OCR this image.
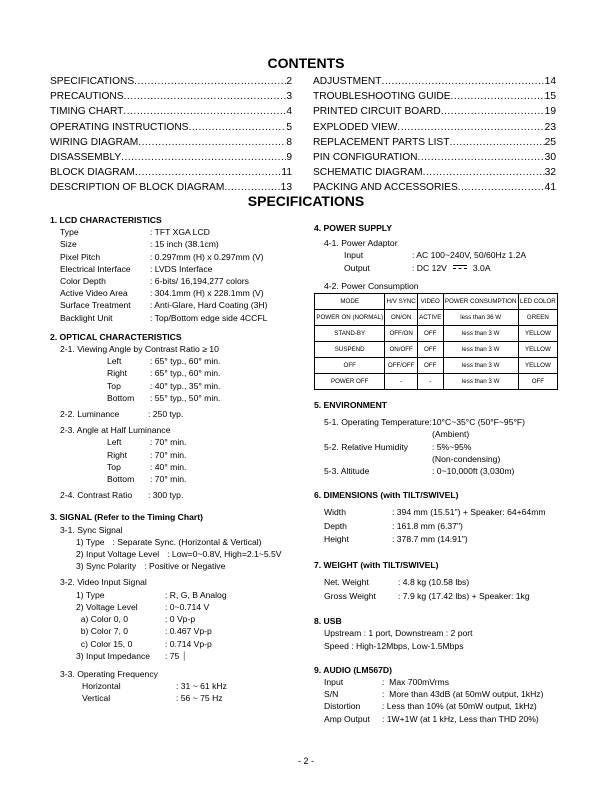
CONTENTS
SPECIFICATIONS .....	2
PRECAUTIONS .....	3
TIMING CHART .....	4
OPERATING INSTRUCTIONS .....	5
WIRING DIAGRAM .....	8
DISASSEMBLY .....	9
BLOCK DIAGRAM .....	11
DESCRIPTION OF BLOCK DIAGRAM .....	13
ADJUSTMENT .....	14
TROUBLESHOOTING GUIDE .....	15
PRINTED CIRCUIT BOARD .....	19
EXPLODED VIEW .....	23
REPLACEMENT PARTS LIST .....	25
PIN CONFIGURATION .....	30
SCHEMATIC DIAGRAM .....	32
PACKING AND ACCESSORIES .....	41
SPECIFICATIONS
1. LCD CHARACTERISTICS
Type	: TFT XGA LCD
Size	: 15 inch (38.1cm)
Pixel Pitch	: 0.297mm (H) x 0.297mm (V)
Electrical Interface	: LVDS Interface
Color Depth	: 6-bits/ 16,194,277 colors
Active Video Area	: 304.1mm (H) x 228.1mm (V)
Surface Treatment	: Anti-Glare, Hard Coating (3H)
Backlight Unit	: Top/Bottom edge side 4CCFL
2. OPTICAL CHARACTERISTICS
2-1. Viewing Angle by Contrast Ratio ≥ 10
Left	: 65° typ., 60° min.
Right	: 65° typ., 60° min.
Top	: 40° typ., 35° min.
Bottom	: 55° typ., 50° min.
2-2. Luminance	: 250 typ.
2-3. Angle at Half Luminance
Left	: 70° min.
Right	: 70° min.
Top	: 40° min.
Bottom	: 70° min.
2-4. Contrast Ratio	: 300 typ.
3. SIGNAL (Refer to the Timing Chart)
3-1. Sync Signal
1) Type : Separate Sync. (Horizontal & Vertical)
2) Input Voltage Level : Low=0~0.8V, High=2.1~5.5V
3) Sync Polarity : Positive or Negative
3-2. Video Input Signal
1) Type	: R, G, B Analog
2) Voltage Level	: 0~0.714 V
a) Color 0, 0	: 0 Vp-p
b) Color 7, 0	: 0.467 Vp-p
c) Color 15, 0	: 0.714 Vp-p
3) Input Impedance	: 75 ⏐
3-3. Operating Frequency
Horizontal	: 31 ~ 61 kHz
Vertical	: 56 ~ 75 Hz
4. POWER SUPPLY
4-1. Power Adaptor
Input	: AC 100~240V, 50/60Hz 1.2A
Output	: DC 12V	3.0A
4-2. Power Consumption
MODE	H/V SYNC	VIDEO	POWER CONSUMPTION	LED COLOR
POWER ON (NORMAL)	ON/ON	ACTIVE	less than 36 W	GREEN
STAND-BY	OFF/ON	OFF	less than 3 W	YELLOW
SUSPEND	ON/OFF	OFF	less than 3 W	YELLOW
OFF	OFF/OFF	OFF	less than 3 W	YELLOW
POWER OFF	-	-	less than 3 W	OFF
5. ENVIRONMENT
5-1. Operating Temperature: 10°C~35°C (50°F~95°F)
(Ambient)
5-2. Relative Humidity	: 5%~95%
(Non-condensing)
5-3. Altitude	: 0~10,000ft (3,030m)
6. DIMENSIONS (with TILT/SWIVEL)
Width	: 394 mm (15.51") + Speaker: 64+64mm
Depth	: 161.8 mm (6.37")
Height	: 378.7 mm (14.91")
7. WEIGHT (with TILT/SWIVEL)
Net. Weight	: 4.8 kg (10.58 lbs)
Gross Weight	: 7.9 kg (17.42 lbs) + Speaker: 1kg
8. USB
Upstream : 1 port, Downstream : 2 port
Speed : High-12Mbps, Low-1.5Mbps
9. AUDIO (LM567D)
Input	:  Max 700mVrms
S/N	:  More than 43dB (at 50mW output, 1kHz)
Distortion	: Less than 10% (at 50mW output, 1kHz)
Amp Output	: 1W+1W (at 1 kHz, Less than THD 20%)
- 2 -
